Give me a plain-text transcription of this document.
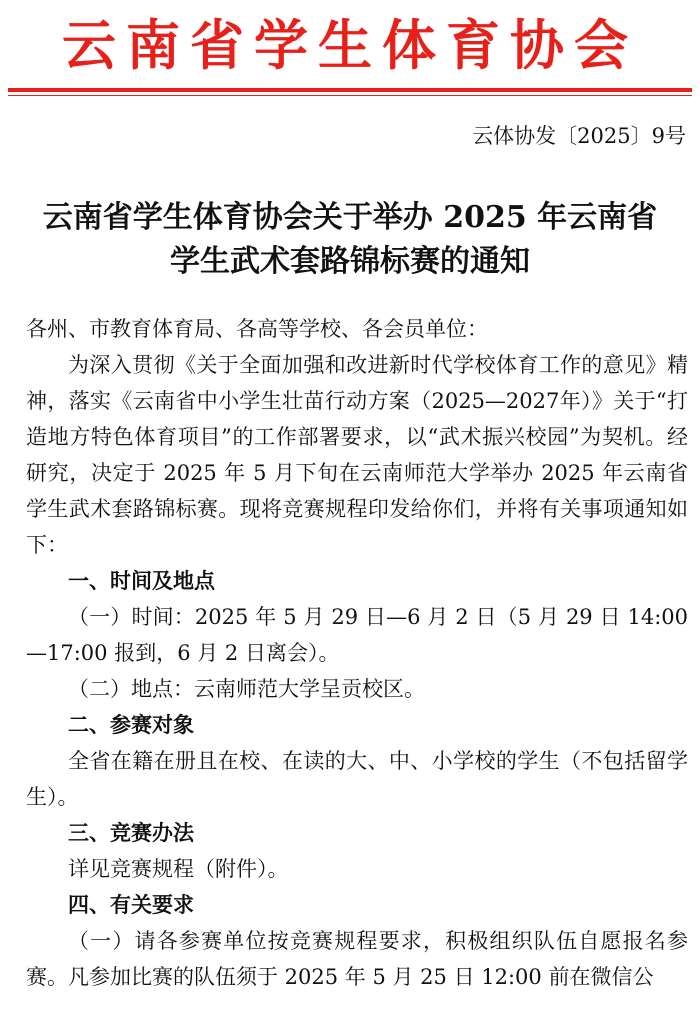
云南省学生体育协会
云体协发〔2025〕9号
云南省学生体育协会关于举办 2025 年云南省
学生武术套路锦标赛的通知

各州、市教育体育局、各高等学校、各会员单位：

为深入贯彻《关于全面加强和改进新时代学校体育工作的意见》精神，落实《云南省中小学生壮苗行动方案（2025—2027年）》关于“打造地方特色体育项目”的工作部署要求，以“武术振兴校园”为契机。经研究，决定于 2025 年 5 月下旬在云南师范大学举办 2025 年云南省学生武术套路锦标赛。现将竞赛规程印发给你们，并将有关事项通知如下：

一、时间及地点

（一）时间：2025 年 5 月 29 日—6 月 2 日（5 月 29 日 14:00—17:00 报到，6 月 2 日离会）。

（二）地点：云南师范大学呈贡校区。

二、参赛对象

全省在籍在册且在校、在读的大、中、小学校的学生（不包括留学生）。

三、竞赛办法

详见竞赛规程（附件）。

四、有关要求

（一）请各参赛单位按竞赛规程要求，积极组织队伍自愿报名参赛。凡参加比赛的队伍须于 2025 年 5 月 25 日 12:00 前在微信公
